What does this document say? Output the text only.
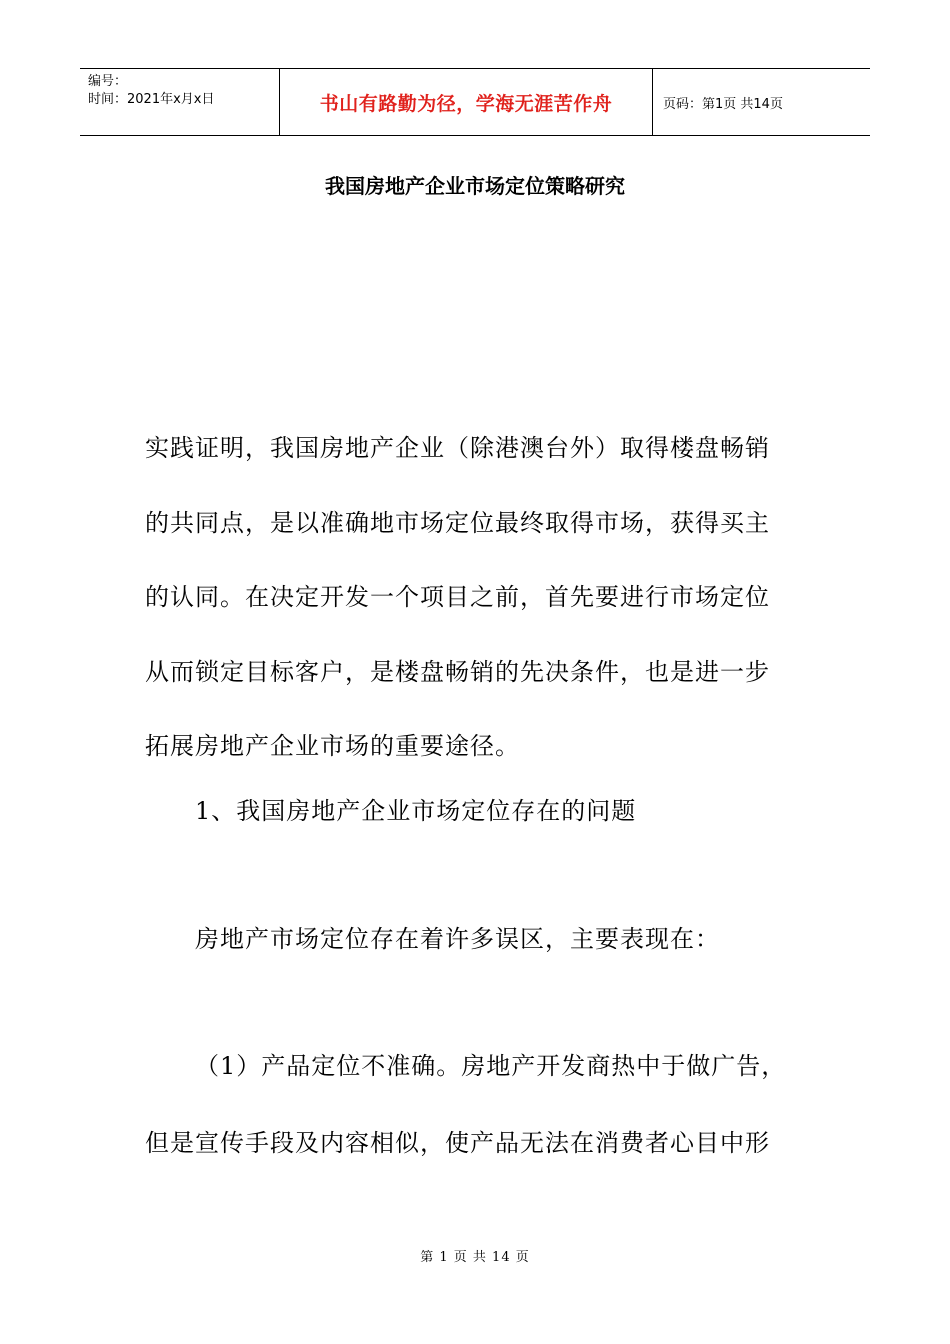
编号：
时间：2021年x月x日	书山有路勤为径，学海无涯苦作舟	页码：第1页 共14页
我国房地产企业市场定位策略研究
实践证明，我国房地产企业（除港澳台外）取得楼盘畅销
的共同点，是以准确地市场定位最终取得市场，获得买主
的认同。在决定开发一个项目之前，首先要进行市场定位
从而锁定目标客户，是楼盘畅销的先决条件，也是进一步
拓展房地产企业市场的重要途径。
1、我国房地产企业市场定位存在的问题
房地产市场定位存在着许多误区，主要表现在：
（1）产品定位不准确。房地产开发商热中于做广告，
但是宣传手段及内容相似，使产品无法在消费者心目中形
第 1 页 共 14 页
